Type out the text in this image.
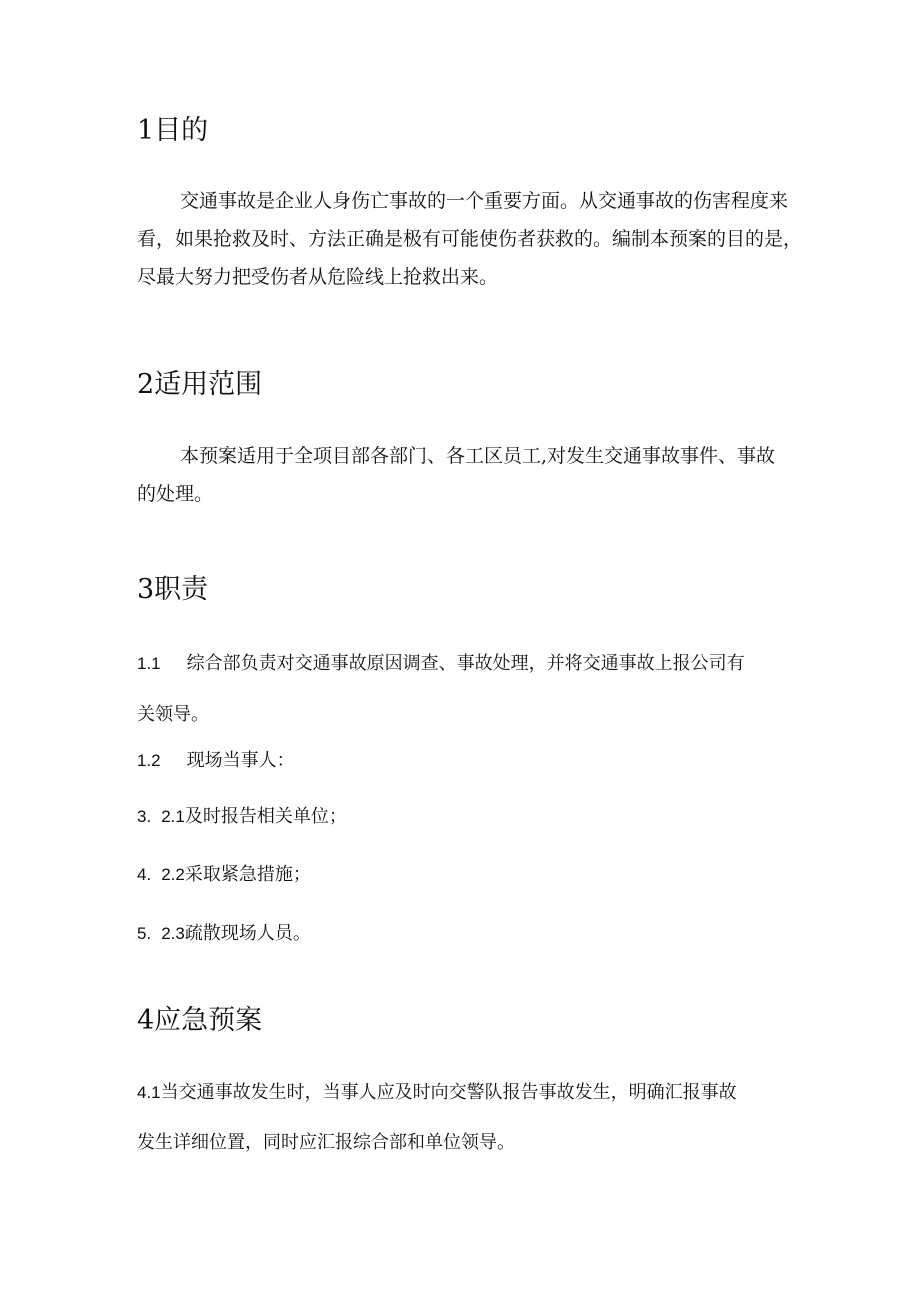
1目的
交通事故是企业人身伤亡事故的一个重要方面。从交通事故的伤害程度来
看，如果抢救及时、方法正确是极有可能使伤者获救的。编制本预案的目的是，
尽最大努力把受伤者从危险线上抢救出来。
2适用范围
本预案适用于全项目部各部门、各工区员工,对发生交通事故事件、事故
的处理。
3职责
1.1 综合部负责对交通事故原因调查、事故处理，并将交通事故上报公司有
关领导。
1.2 现场当事人：
3. 2.1及时报告相关单位；
4. 2.2采取紧急措施；
5. 2.3疏散现场人员。
4应急预案
4.1当交通事故发生时，当事人应及时向交警队报告事故发生，明确汇报事故
发生详细位置，同时应汇报综合部和单位领导。
